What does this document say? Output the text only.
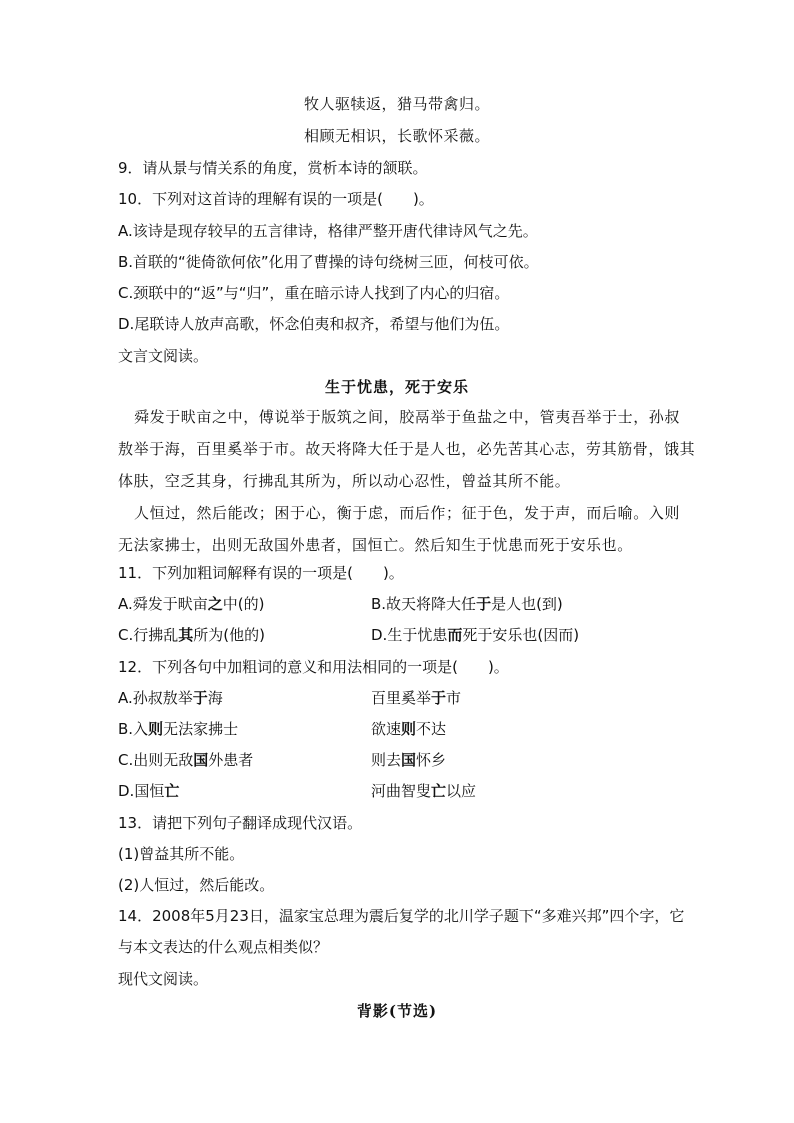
牧人驱犊返，猎马带禽归。
相顾无相识，长歌怀采薇。
9．请从景与情关系的角度，赏析本诗的颔联。
10．下列对这首诗的理解有误的一项是(　　)。
A.该诗是现存较早的五言律诗，格律严整开唐代律诗风气之先。
B.首联的“徙倚欲何依”化用了曹操的诗句绕树三匝，何枝可依。
C.颈联中的“返”与“归”，重在暗示诗人找到了内心的归宿。
D.尾联诗人放声高歌，怀念伯夷和叔齐，希望与他们为伍。
文言文阅读。
生于忧患，死于安乐
舜发于畎亩之中，傅说举于版筑之间，胶鬲举于鱼盐之中，管夷吾举于士，孙叔
敖举于海，百里奚举于市。故天将降大任于是人也，必先苦其心志，劳其筋骨，饿其
体肤，空乏其身，行拂乱其所为，所以动心忍性，曾益其所不能。
人恒过，然后能改；困于心，衡于虑，而后作；征于色，发于声，而后喻。入则
无法家拂士，出则无敌国外患者，国恒亡。然后知生于忧患而死于安乐也。
11．下列加粗词解释有误的一项是(　　)。
A.舜发于畎亩之中(的)	B.故天将降大任于是人也(到)
C.行拂乱其所为(他的)	D.生于忧患而死于安乐也(因而)
12．下列各句中加粗词的意义和用法相同的一项是(　　)。
A.孙叔敖举于海	百里奚举于市
B.入则无法家拂士	欲速则不达
C.出则无敌国外患者	则去国怀乡
D.国恒亡	河曲智叟亡以应
13．请把下列句子翻译成现代汉语。
(1)曾益其所不能。
(2)人恒过，然后能改。
14．2008年5月23日，温家宝总理为震后复学的北川学子题下“多难兴邦”四个字，它
与本文表达的什么观点相类似？
现代文阅读。
背影(节选)
